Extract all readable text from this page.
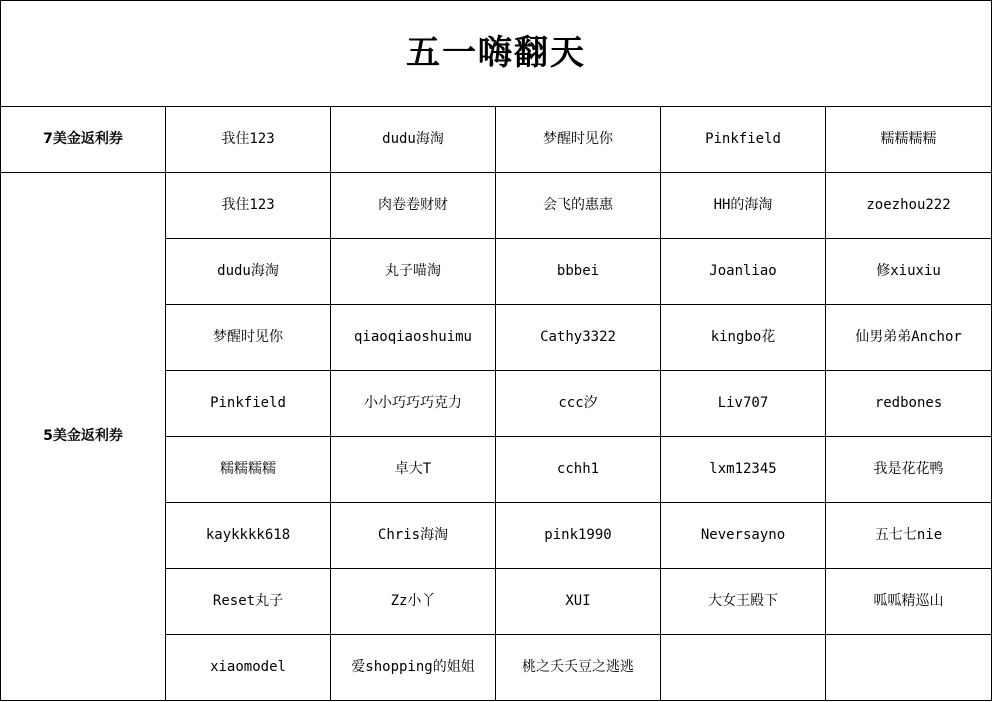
五一嗨翻天					
7美金返利券	我住123	dudu海淘	梦醒时见你	Pinkfield	糯糯糯糯
5美金返利券	我住123	肉卷卷财财	会飞的惠惠	HH的海淘	zoezhou222
	dudu海淘	丸子喵淘	bbbei	Joanliao	修xiuxiu
	梦醒时见你	qiaoqiaoshuimu	Cathy3322	kingbo花	仙男弟弟Anchor
	Pinkfield	小小巧巧巧克力	ccc汐	Liv707	redbones
	糯糯糯糯	卓大T	cchh1	lxm12345	我是花花鸭
	kaykkkk618	Chris海淘	pink1990	Neversayno	五七七nie
	Reset丸子	Zz小丫	XUI	大女王殿下	呱呱精巡山
	xiaomodel	爱shopping的姐姐	桃之夭夭豆之逃逃		
